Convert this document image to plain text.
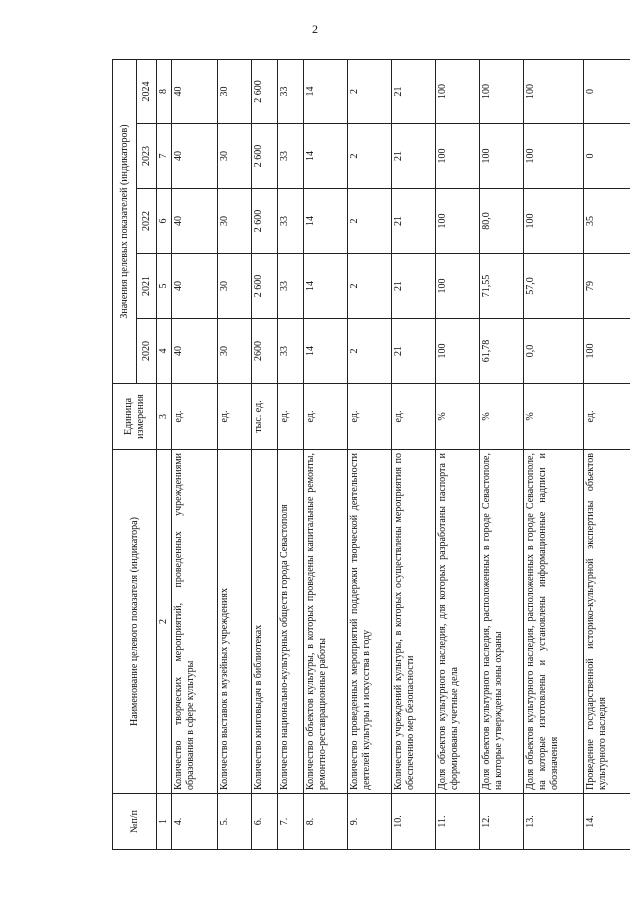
2
№п/п	Наименование целевого показателя (индикатора)	Единица измерения	Значения целевых показателей (индикаторов)				
			2020	2021	2022	2023	2024
1	2	3	4	5	6	7	8
4.	Количество творческих мероприятий, проведенных учреждениями образования в сфере культуры	ед.	40	40	40	40	40
5.	Количество выставок в музейных учреждениях	ед.	30	30	30	30	30
6.	Количество книговыдач в библиотеках	тыс. ед.	2600	2 600	2 600	2 600	2 600
7.	Количество национально-культурных обществ города Севастополя	ед.	33	33	33	33	33
8.	Количество объектов культуры, в которых проведены капитальные ремонты, ремонтно-реставрационные работы	ед.	14	14	14	14	14
9.	Количество проведенных мероприятий поддержки творческой деятельности деятелей культуры и искусства в году	ед.	2	2	2	2	2
10.	Количество учреждений культуры, в которых осуществлены мероприятия по обеспечению мер безопасности	ед.	21	21	21	21	21
11.	Доля объектов культурного наследия, для которых разработаны паспорта и сформированы учетные дела	%	100	100	100	100	100
12.	Доля объектов культурного наследия, расположенных в городе Севастополе, на которые утверждены зоны охраны	%	61,78	71,55	80,0	100	100
13.	Доля объектов культурного наследия, расположенных в городе Севастополе, на которые изготовлены и установлены информационные надписи и обозначения	%	0,0	57,0	100	100	100
14.	Проведение государственной историко-культурной экспертизы объектов культурного наследия	ед.	100	79	35	0	0
